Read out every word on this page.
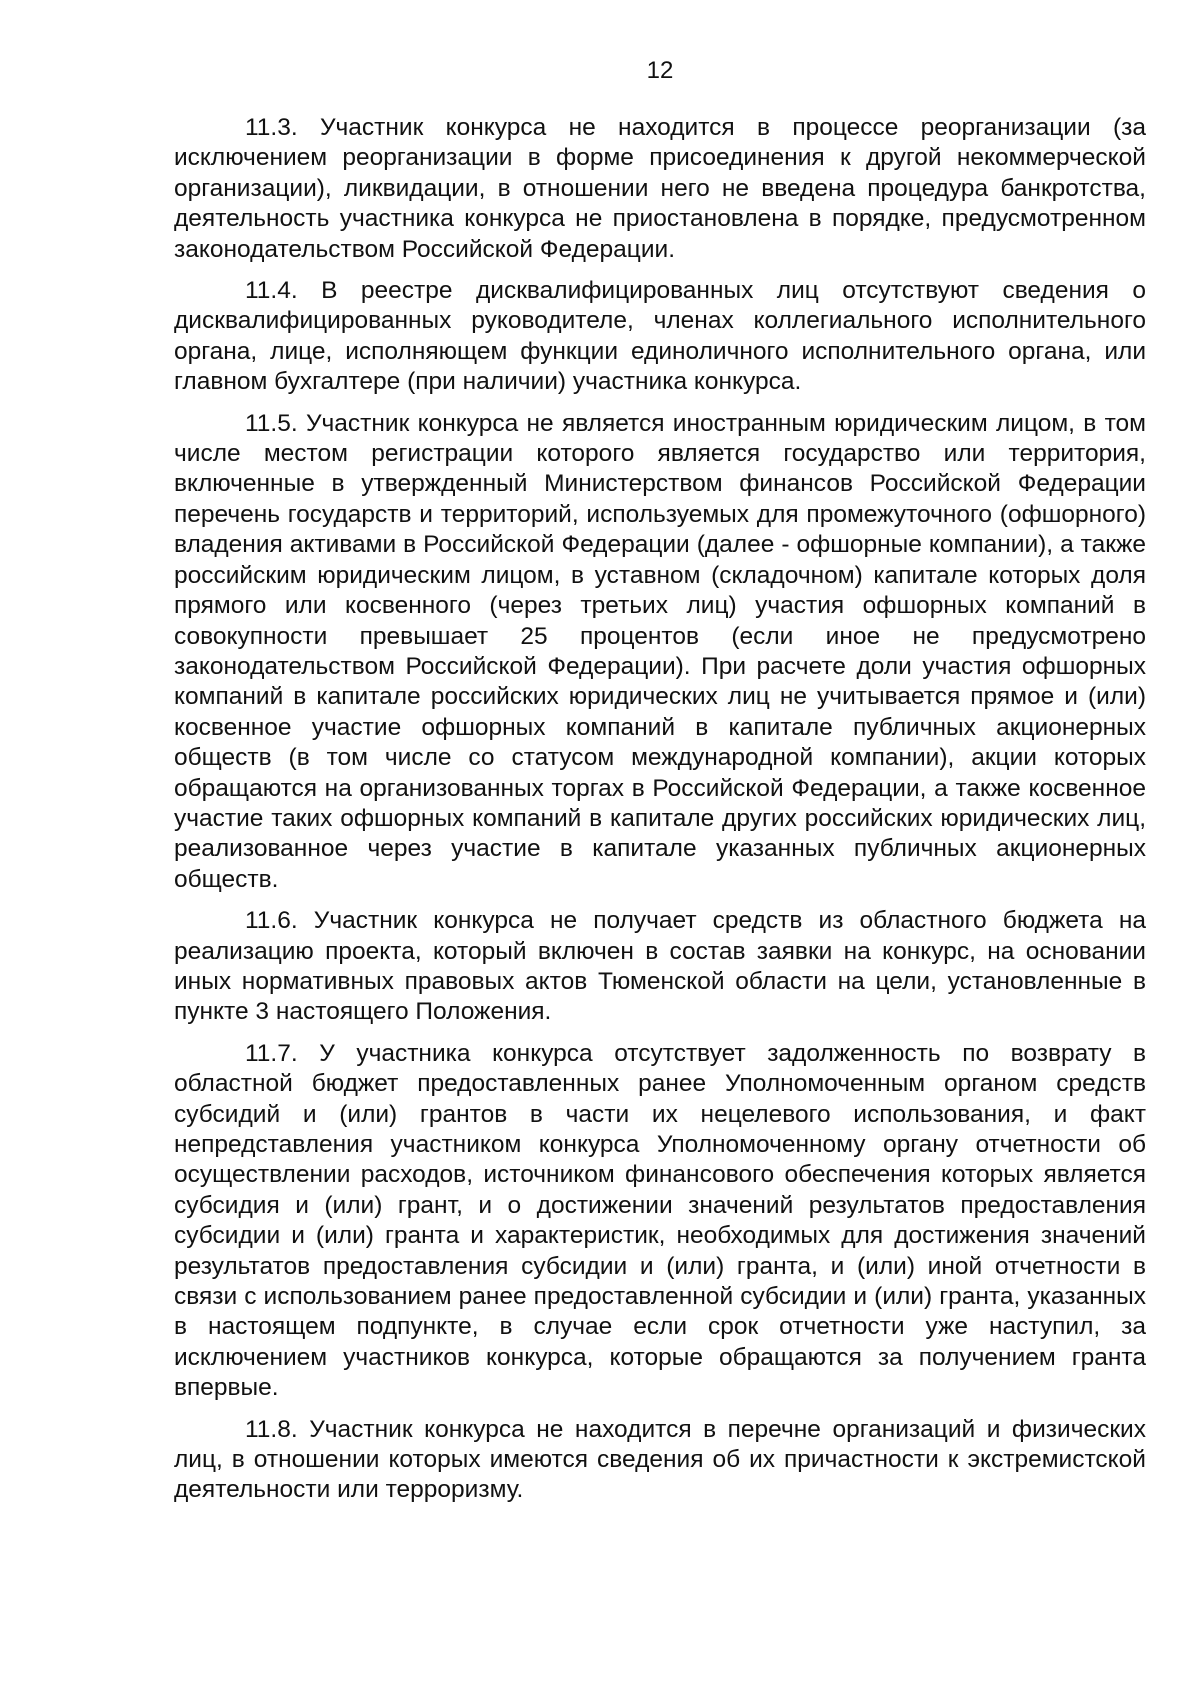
12

11.3. Участник конкурса не находится в процессе реорганизации (за исключением реорганизации в форме присоединения к другой некоммерческой организации), ликвидации, в отношении него не введена процедура банкротства, деятельность участника конкурса не приостановлена в порядке, предусмотренном законодательством Российской Федерации.

11.4. В реестре дисквалифицированных лиц отсутствуют сведения о дисквалифицированных руководителе, членах коллегиального исполнительного органа, лице, исполняющем функции единоличного исполнительного органа, или главном бухгалтере (при наличии) участника конкурса.

11.5. Участник конкурса не является иностранным юридическим лицом, в том числе местом регистрации которого является государство или территория, включенные в утвержденный Министерством финансов Российской Федерации перечень государств и территорий, используемых для промежуточного (офшорного) владения активами в Российской Федерации (далее - офшорные компании), а также российским юридическим лицом, в уставном (складочном) капитале которых доля прямого или косвенного (через третьих лиц) участия офшорных компаний в совокупности превышает 25 процентов (если иное не предусмотрено законодательством Российской Федерации). При расчете доли участия офшорных компаний в капитале российских юридических лиц не учитывается прямое и (или) косвенное участие офшорных компаний в капитале публичных акционерных обществ (в том числе со статусом международной компании), акции которых обращаются на организованных торгах в Российской Федерации, а также косвенное участие таких офшорных компаний в капитале других российских юридических лиц, реализованное через участие в капитале указанных публичных акционерных обществ.

11.6. Участник конкурса не получает средств из областного бюджета на реализацию проекта, который включен в состав заявки на конкурс, на основании иных нормативных правовых актов Тюменской области на цели, установленные в пункте 3 настоящего Положения.

11.7. У участника конкурса отсутствует задолженность по возврату в областной бюджет предоставленных ранее Уполномоченным органом средств субсидий и (или) грантов в части их нецелевого использования, и факт непредставления участником конкурса Уполномоченному органу отчетности об осуществлении расходов, источником финансового обеспечения которых является субсидия и (или) грант, и о достижении значений результатов предоставления субсидии и (или) гранта и характеристик, необходимых для достижения значений результатов предоставления субсидии и (или) гранта, и (или) иной отчетности в связи с использованием ранее предоставленной субсидии и (или) гранта, указанных в настоящем подпункте, в случае если срок отчетности уже наступил, за исключением участников конкурса, которые обращаются за получением гранта впервые.

11.8. Участник конкурса не находится в перечне организаций и физических лиц, в отношении которых имеются сведения об их причастности к экстремистской деятельности или терроризму.
